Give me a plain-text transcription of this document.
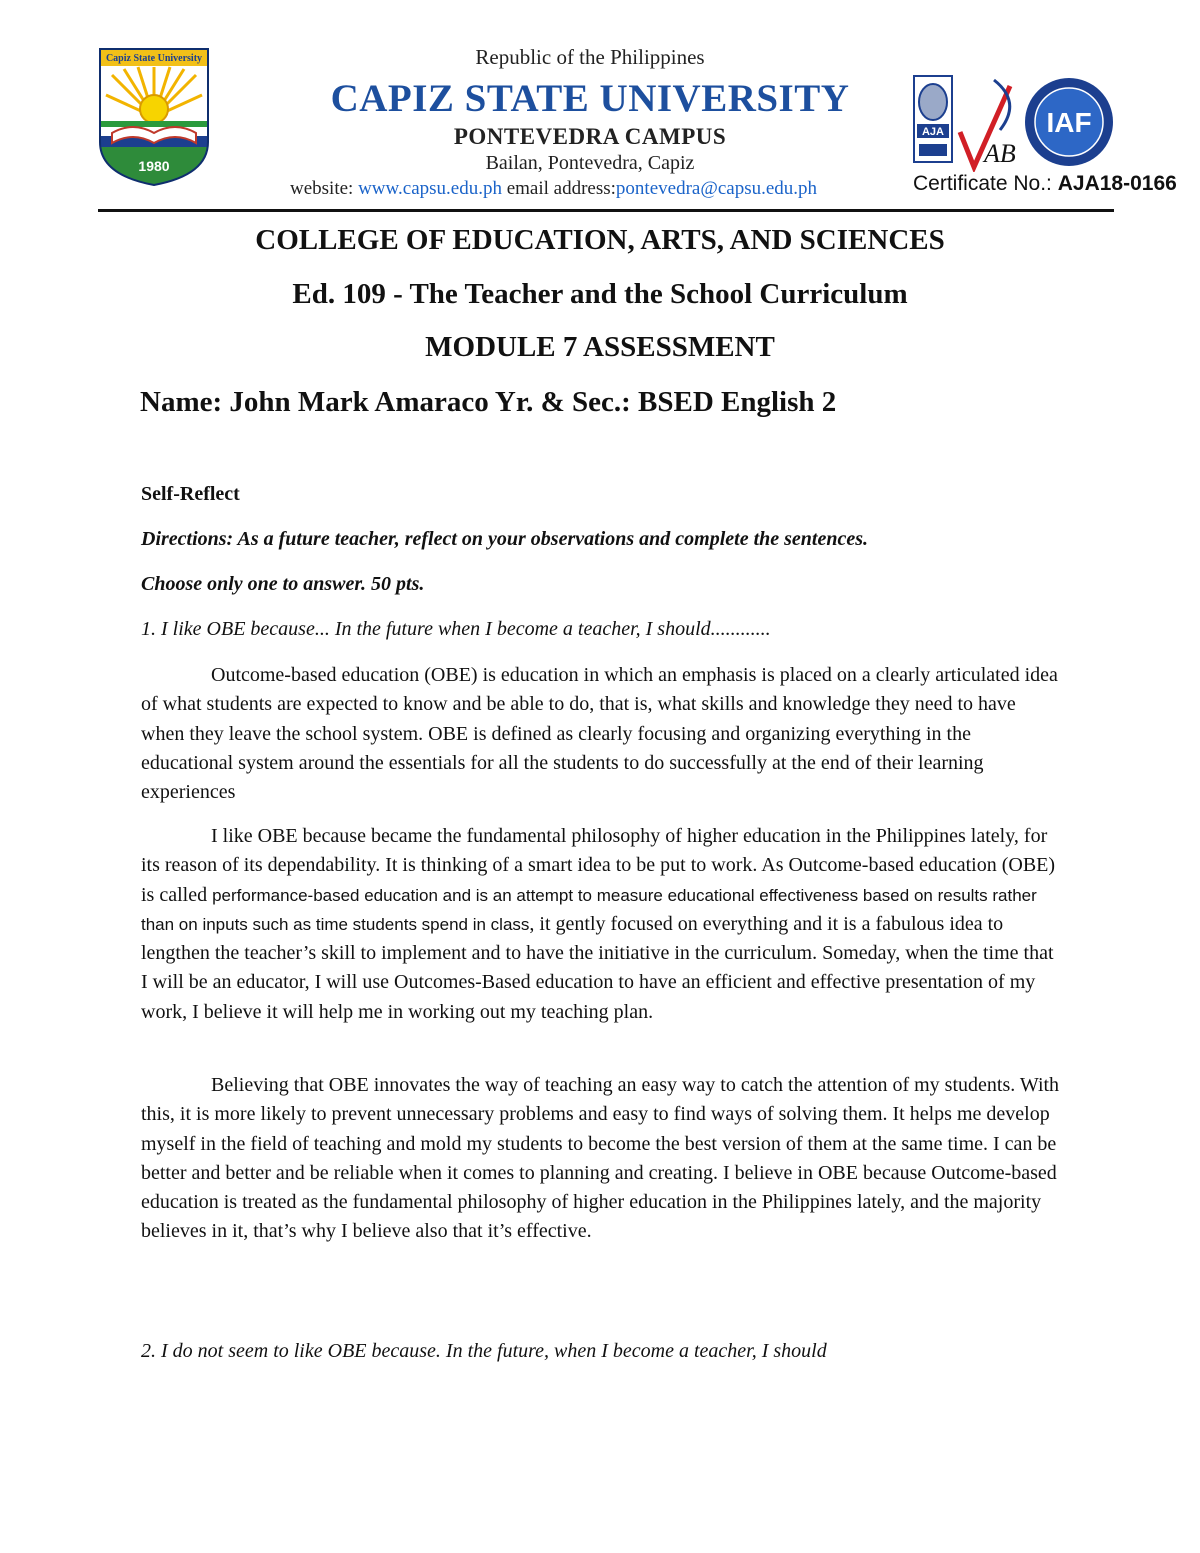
Capiz State University
1980
Republic of the Philippines
CAPIZ STATE UNIVERSITY
PONTEVEDRA CAMPUS
Bailan, Pontevedra, Capiz
website: www.capsu.edu.ph email address:pontevedra@capsu.edu.ph
AJA
AB
IAF
Certificate No.: AJA18-0166
COLLEGE OF EDUCATION, ARTS, AND SCIENCES
Ed. 109 - The Teacher and the School Curriculum
MODULE 7 ASSESSMENT
Name: John Mark Amaraco Yr. & Sec.: BSED English 2
Self-Reflect
Directions: As a future teacher, reflect on your observations and complete the sentences.
Choose only one to answer. 50 pts.
1. I like OBE because... In the future when I become a teacher, I should............
Outcome-based education (OBE) is education in which an emphasis is placed on a clearly articulated idea of what students are expected to know and be able to do, that is, what skills and knowledge they need to have when they leave the school system. OBE is defined as clearly focusing and organizing everything in the educational system around the essentials for all the students to do successfully at the end of their learning experiences
I like OBE because became the fundamental philosophy of higher education in the Philippines lately, for its reason of its dependability. It is thinking of a smart idea to be put to work. As Outcome-based education (OBE) is called performance-based education and is an attempt to measure educational effectiveness based on results rather than on inputs such as time students spend in class, it gently focused on everything and it is a fabulous idea to lengthen the teacher’s skill to implement and to have the initiative in the curriculum. Someday, when the time that I will be an educator, I will use Outcomes-Based education to have an efficient and effective presentation of my work, I believe it will help me in working out my teaching plan.
Believing that OBE innovates the way of teaching an easy way to catch the attention of my students. With this, it is more likely to prevent unnecessary problems and easy to find ways of solving them. It helps me develop myself in the field of teaching and mold my students to become the best version of them at the same time. I can be better and better and be reliable when it comes to planning and creating. I believe in OBE because Outcome-based education is treated as the fundamental philosophy of higher education in the Philippines lately, and the majority believes in it, that’s why I believe also that it’s effective.
2. I do not seem to like OBE because. In the future, when I become a teacher, I should
